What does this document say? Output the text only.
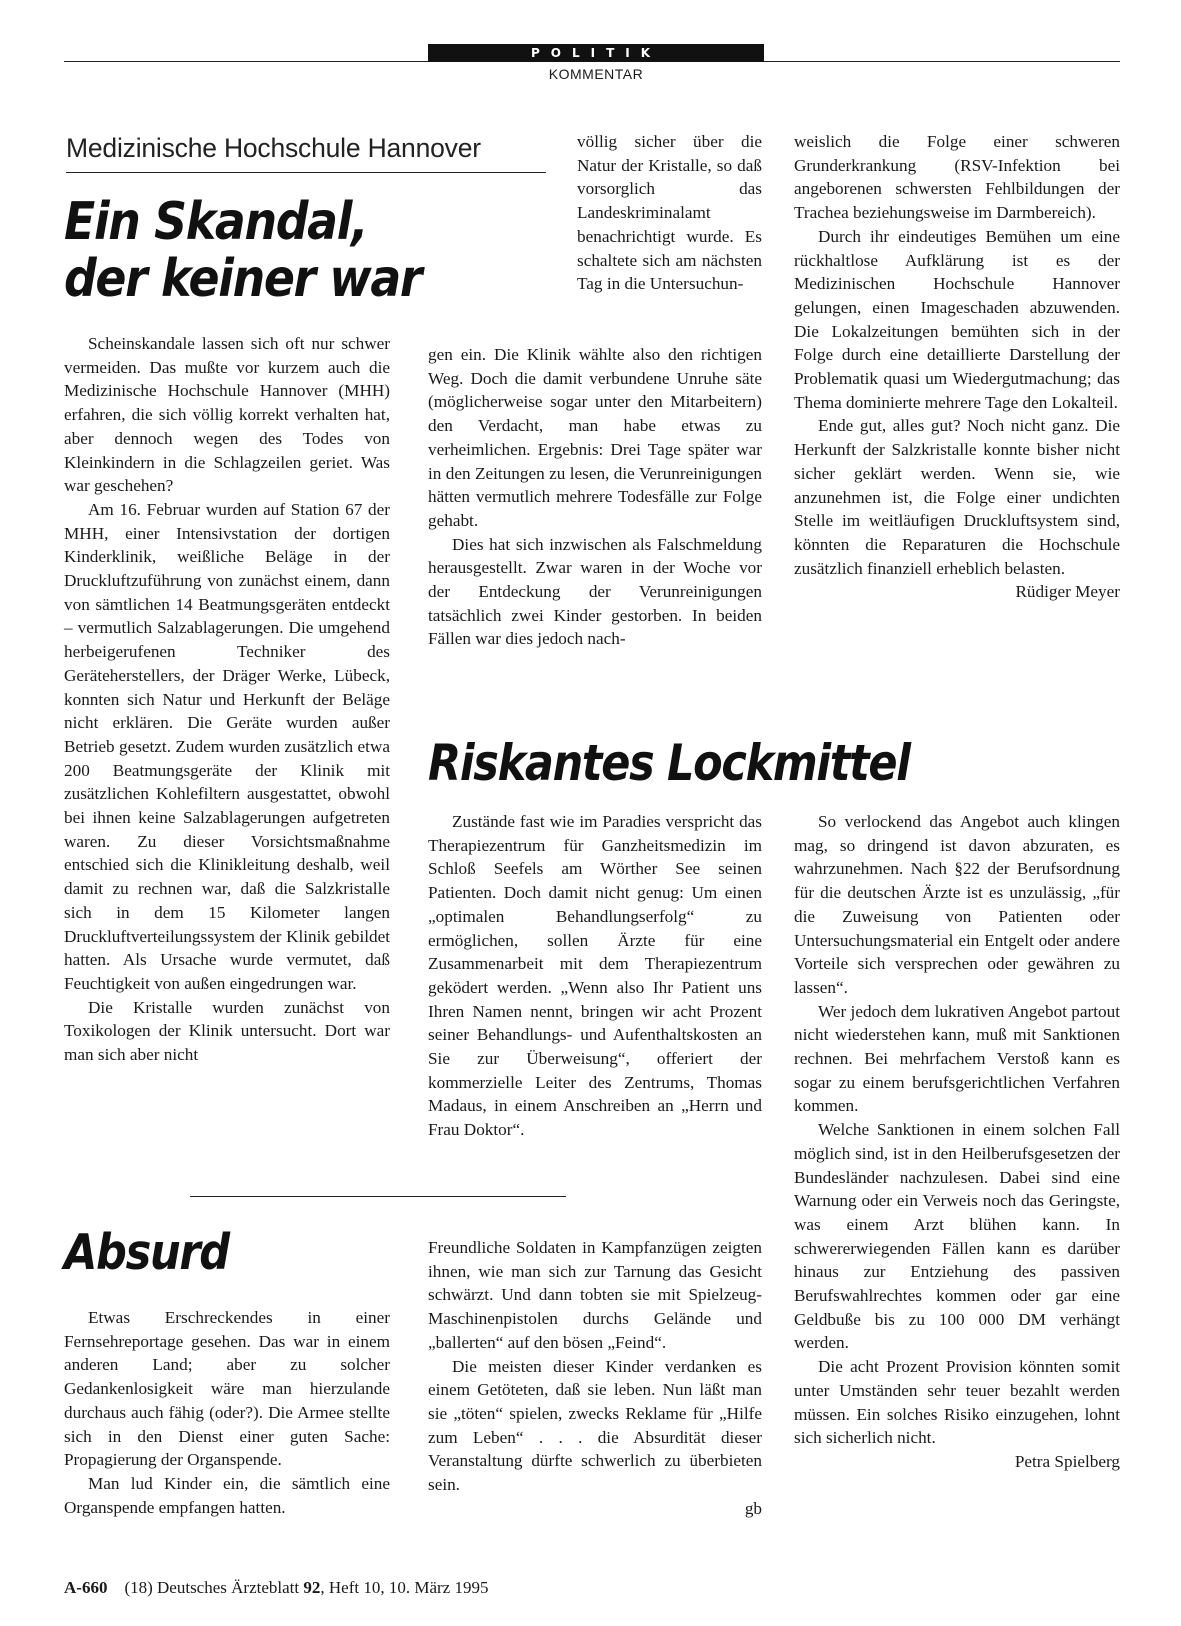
POLITIK
KOMMENTAR
Medizinische Hochschule Hannover
Ein Skandal,
der keiner war

Scheinskandale lassen sich oft nur schwer vermeiden. Das mußte vor kurzem auch die Medizinische Hochschule Hannover (MHH) erfahren, die sich völlig korrekt verhalten hat, aber dennoch wegen des Todes von Kleinkindern in die Schlagzeilen geriet. Was war geschehen?

Am 16. Februar wurden auf Station 67 der MHH, einer Intensivstation der dortigen Kinderklinik, weißliche Beläge in der Druckluftzuführung von zunächst einem, dann von sämtlichen 14 Beatmungsgeräten entdeckt – vermutlich Salzablagerungen. Die umgehend herbeigerufenen Techniker des Geräteherstellers, der Dräger Werke, Lübeck, konnten sich Natur und Herkunft der Beläge nicht erklären. Die Geräte wurden außer Betrieb gesetzt. Zudem wurden zusätzlich etwa 200 Beatmungsgeräte der Klinik mit zusätzlichen Kohlefiltern ausgestattet, obwohl bei ihnen keine Salzablagerungen aufgetreten waren. Zu dieser Vorsichtsmaßnahme entschied sich die Klinikleitung deshalb, weil damit zu rechnen war, daß die Salzkristalle sich in dem 15 Kilometer langen Druckluftverteilungssystem der Klinik gebildet hatten. Als Ursache wurde vermutet, daß Feuchtigkeit von außen eingedrungen war.

Die Kristalle wurden zunächst von Toxikologen der Klinik untersucht. Dort war man sich aber nicht

völlig sicher über die Natur der Kristalle, so daß vorsorglich das Landeskriminalamt benachrichtigt wurde. Es schaltete sich am nächsten Tag in die Untersuchun-

gen ein. Die Klinik wählte also den richtigen Weg. Doch die damit verbundene Unruhe säte (möglicherweise sogar unter den Mitarbeitern) den Verdacht, man habe etwas zu verheimlichen. Ergebnis: Drei Tage später war in den Zeitungen zu lesen, die Verunreinigungen hätten vermutlich mehrere Todesfälle zur Folge gehabt.

Dies hat sich inzwischen als Falschmeldung herausgestellt. Zwar waren in der Woche vor der Entdeckung der Verunreinigungen tatsächlich zwei Kinder gestorben. In beiden Fällen war dies jedoch nach-

weislich die Folge einer schweren Grunderkrankung (RSV-Infektion bei angeborenen schwersten Fehlbildungen der Trachea beziehungsweise im Darmbereich).

Durch ihr eindeutiges Bemühen um eine rückhaltlose Aufklärung ist es der Medizinischen Hochschule Hannover gelungen, einen Imageschaden abzuwenden. Die Lokalzeitungen bemühten sich in der Folge durch eine detaillierte Darstellung der Problematik quasi um Wiedergutmachung; das Thema dominierte mehrere Tage den Lokalteil.

Ende gut, alles gut? Noch nicht ganz. Die Herkunft der Salzkristalle konnte bisher nicht sicher geklärt werden. Wenn sie, wie anzunehmen ist, die Folge einer undichten Stelle im weitläufigen Druckluftsystem sind, könnten die Reparaturen die Hochschule zusätzlich finanziell erheblich belasten.

Rüdiger Meyer
Riskantes Lockmittel

Zustände fast wie im Paradies verspricht das Therapiezentrum für Ganzheitsmedizin im Schloß Seefels am Wörther See seinen Patienten. Doch damit nicht genug: Um einen „optimalen Behandlungserfolg“ zu ermöglichen, sollen Ärzte für eine Zusammenarbeit mit dem Therapiezentrum geködert werden. „Wenn also Ihr Patient uns Ihren Namen nennt, bringen wir acht Prozent seiner Behandlungs- und Aufenthaltskosten an Sie zur Überweisung“, offeriert der kommerzielle Leiter des Zentrums, Thomas Madaus, in einem Anschreiben an „Herrn und Frau Doktor“.

So verlockend das Angebot auch klingen mag, so dringend ist davon abzuraten, es wahrzunehmen. Nach §22 der Berufsordnung für die deutschen Ärzte ist es unzulässig, „für die Zuweisung von Patienten oder Untersuchungsmaterial ein Entgelt oder andere Vorteile sich versprechen oder gewähren zu lassen“.

Wer jedoch dem lukrativen Angebot partout nicht wiederstehen kann, muß mit Sanktionen rechnen. Bei mehrfachem Verstoß kann es sogar zu einem berufsgerichtlichen Verfahren kommen.

Welche Sanktionen in einem solchen Fall möglich sind, ist in den Heilberufsgesetzen der Bundesländer nachzulesen. Dabei sind eine Warnung oder ein Verweis noch das Geringste, was einem Arzt blühen kann. In schwererwiegenden Fällen kann es darüber hinaus zur Entziehung des passiven Berufswahlrechtes kommen oder gar eine Geldbuße bis zu 100 000 DM verhängt werden.

Die acht Prozent Provision könnten somit unter Umständen sehr teuer bezahlt werden müssen. Ein solches Risiko einzugehen, lohnt sich sicherlich nicht.

Petra Spielberg
Absurd

Etwas Erschreckendes in einer Fernsehreportage gesehen. Das war in einem anderen Land; aber zu solcher Gedankenlosigkeit wäre man hierzulande durchaus auch fähig (oder?). Die Armee stellte sich in den Dienst einer guten Sache: Propagierung der Organspende.

Man lud Kinder ein, die sämtlich eine Organspende empfangen hatten.

Freundliche Soldaten in Kampfanzügen zeigten ihnen, wie man sich zur Tarnung das Gesicht schwärzt. Und dann tobten sie mit Spielzeug-Maschinenpistolen durchs Gelände und „ballerten“ auf den bösen „Feind“.

Die meisten dieser Kinder verdanken es einem Getöteten, daß sie leben. Nun läßt man sie „töten“ spielen, zwecks Reklame für „Hilfe zum Leben“ . . . die Absurdität dieser Veranstaltung dürfte schwerlich zu überbieten sein.

gb
A-660 (18) Deutsches Ärzteblatt 92, Heft 10, 10. März 1995
